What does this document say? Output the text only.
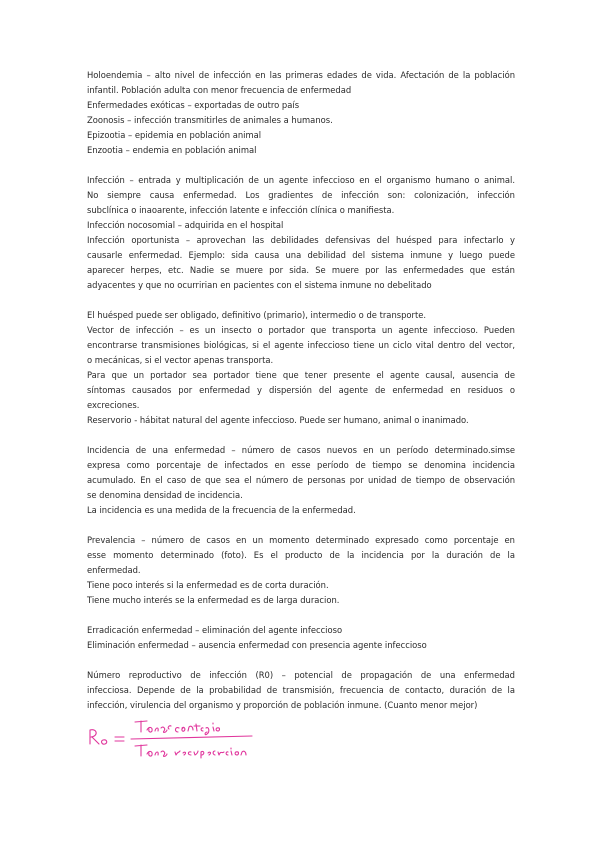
Holoendemia – alto nivel de infección en las primeras edades de vida. Afectación de la población
infantil. Población adulta con menor frecuencia de enfermedad
Enfermedades exóticas – exportadas de outro país
Zoonosis – infección transmitirles de animales a humanos.
Epizootia – epidemia en población animal
Enzootia – endemia en población animal
Infección – entrada y multiplicación de un agente infeccioso en el organismo humano o animal.
No siempre causa enfermedad. Los gradientes de infección son: colonización, infección
subclínica o inaoarente, infección latente e infección clínica o manifiesta.
Infección nocosomial – adquirida en el hospital
Infección oportunista – aprovechan las debilidades defensivas del huésped para infectarlo y
causarle enfermedad. Ejemplo: sida causa una debilidad del sistema inmune y luego puede
aparecer herpes, etc. Nadie se muere por sida. Se muere por las enfermedades que están
adyacentes y que no ocurririan en pacientes con el sistema inmune no debelitado
El huésped puede ser obligado, definitivo (primario), intermedio o de transporte.
Vector de infección – es un insecto o portador que transporta un agente infeccioso. Pueden
encontrarse transmisiones biológicas, si el agente infeccioso tiene un ciclo vital dentro del vector,
o mecánicas, si el vector apenas transporta.
Para que un portador sea portador tiene que tener presente el agente causal, ausencia de
síntomas causados por enfermedad y dispersión del agente de enfermedad en residuos o
excreciones.
Reservorio - hábitat natural del agente infeccioso. Puede ser humano, animal o inanimado.
Incidencia de una enfermedad – número de casos nuevos en un período determinado.simse
expresa como porcentaje de infectados en esse período de tiempo se denomina incidencia
acumulado. En el caso de que sea el número de personas por unidad de tiempo de observación
se denomina densidad de incidencia.
La incidencia es una medida de la frecuencia de la enfermedad.
Prevalencia – número de casos en un momento determinado expresado como porcentaje en
esse momento determinado (foto). Es el producto de la incidencia por la duración de la
enfermedad.
Tiene poco interés si la enfermedad es de corta duración.
Tiene mucho interés se la enfermedad es de larga duracion.
Erradicación enfermedad – eliminación del agente infeccioso
Eliminación enfermedad – ausencia enfermedad con presencia agente infeccioso
Número reproductivo de infección (R0) – potencial de propagación de una enfermedad
infecciosa. Depende de la probabilidad de transmisión, frecuencia de contacto, duración de la
infección, virulencia del organismo y proporción de población inmune. (Cuanto menor mejor)
